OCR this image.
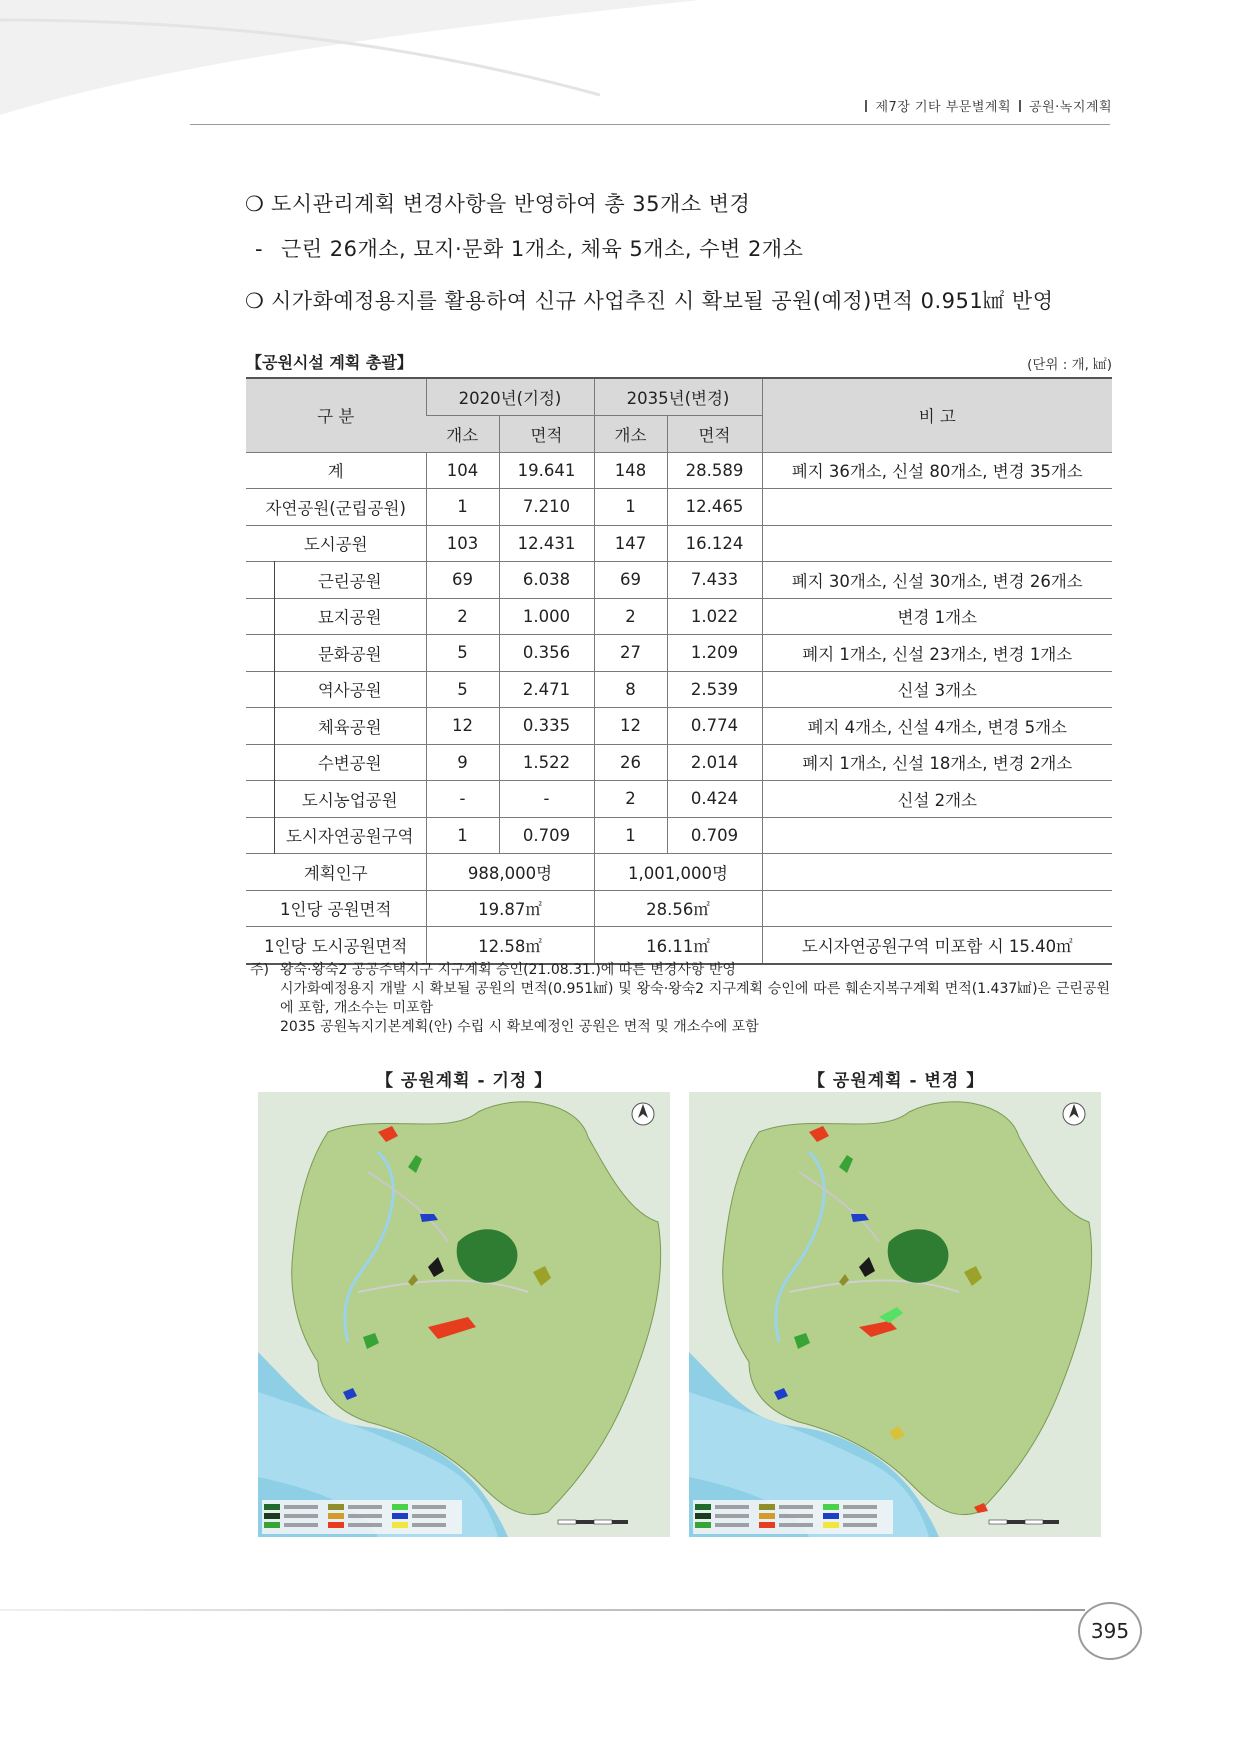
제7장 기타 부문별계획 공원·녹지계획
❍ 도시관리계획 변경사항을 반영하여 총 35개소 변경
- 근린 26개소, 묘지·문화 1개소, 체육 5개소, 수변 2개소
❍ 시가화예정용지를 활용하여 신규 사업추진 시 확보될 공원(예정)면적 0.951㎢ 반영
【공원시설 계획 총괄】	(단위 : 개, ㎢)
구 분	2020년(기정)		2035년(변경)		비 고
	개소	면적	개소	면적	
계	104	19.641	148	28.589	폐지 36개소, 신설 80개소, 변경 35개소
자연공원(군립공원)	1	7.210	1	12.465	
도시공원	103	12.431	147	16.124	
근린공원	69	6.038	69	7.433	폐지 30개소, 신설 30개소, 변경 26개소
묘지공원	2	1.000	2	1.022	변경 1개소
문화공원	5	0.356	27	1.209	폐지 1개소, 신설 23개소, 변경 1개소
역사공원	5	2.471	8	2.539	신설 3개소
체육공원	12	0.335	12	0.774	폐지 4개소, 신설 4개소, 변경 5개소
수변공원	9	1.522	26	2.014	폐지 1개소, 신설 18개소, 변경 2개소
도시농업공원	-	-	2	0.424	신설 2개소
도시자연공원구역	1	0.709	1	0.709	
계획인구	988,000명		1,001,000명		
1인당 공원면적	19.87㎡		28.56㎡		
1인당 도시공원면적	12.58㎡		16.11㎡		도시자연공원구역 미포함 시 15.40㎡
주) 왕숙·왕숙2 공공주택지구 지구계획 승인(21.08.31.)에 따른 변경사항 반영
시가화예정용지 개발 시 확보될 공원의 면적(0.951㎢) 및 왕숙·왕숙2 지구계획 승인에 따른 훼손지복구계획 면적(1.437㎢)은 근린공원에 포함, 개소수는 미포함
2035 공원녹지기본계획(안) 수립 시 확보예정인 공원은 면적 및 개소수에 포함
【 공원계획 - 기정 】	【 공원계획 - 변경 】
395
